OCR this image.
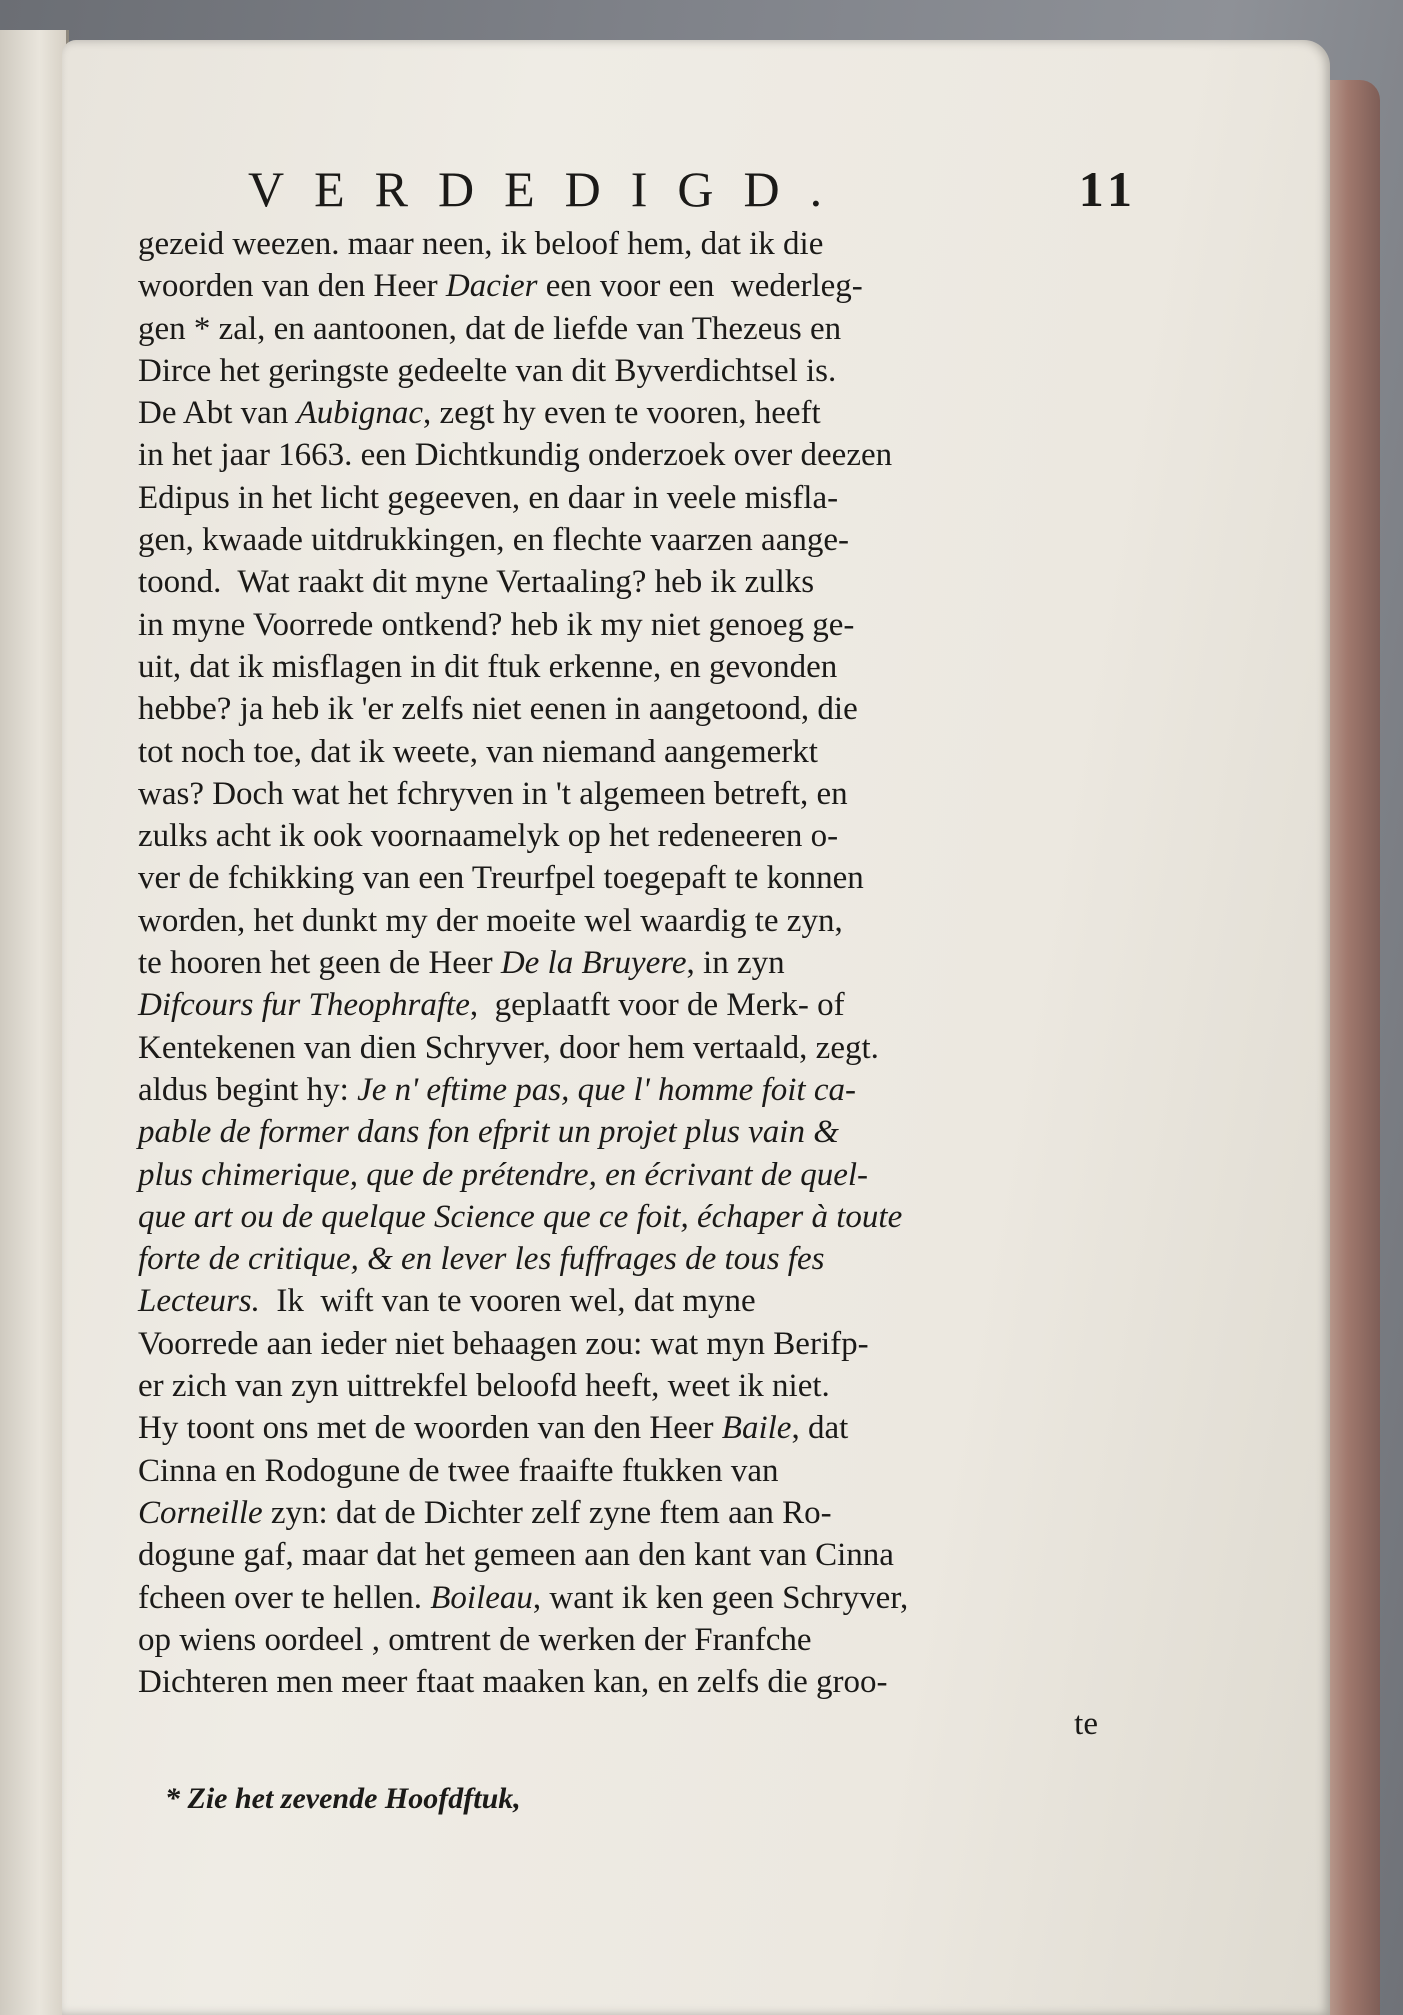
VERDEDIGD.	11
gezeid weezen. maar neen, ik beloof hem, dat ik die
woorden van den Heer Dacier een voor een  wederleg-
gen * zal, en aantoonen, dat de liefde van Thezeus en
Dirce het geringste gedeelte van dit Byverdichtsel is.
De Abt van Aubignac, zegt hy even te vooren, heeft
in het jaar 1663. een Dichtkundig onderzoek over deezen
Edipus in het licht gegeeven, en daar in veele misfla-
gen, kwaade uitdrukkingen, en flechte vaarzen aange-
toond.  Wat raakt dit myne Vertaaling? heb ik zulks
in myne Voorrede ontkend? heb ik my niet genoeg ge-
uit, dat ik misflagen in dit ftuk erkenne, en gevonden
hebbe? ja heb ik 'er zelfs niet eenen in aangetoond, die
tot noch toe, dat ik weete, van niemand aangemerkt
was? Doch wat het fchryven in 't algemeen betreft, en
zulks acht ik ook voornaamelyk op het redeneeren o-
ver de fchikking van een Treurfpel toegepaft te konnen
worden, het dunkt my der moeite wel waardig te zyn,
te hooren het geen de Heer De la Bruyere, in zyn
Difcours fur Theophrafte,  geplaatft voor de Merk- of
Kentekenen van dien Schryver, door hem vertaald, zegt.
aldus begint hy: Je n' eftime pas, que l' homme foit ca-
pable de former dans fon efprit un projet plus vain &
plus chimerique, que de prétendre, en écrivant de quel-
que art ou de quelque Science que ce foit, échaper à toute
forte de critique, & en lever les fuffrages de tous fes
Lecteurs.  Ik  wift van te vooren wel, dat myne
Voorrede aan ieder niet behaagen zou: wat myn Berifp-
er zich van zyn uittrekfel beloofd heeft, weet ik niet.
Hy toont ons met de woorden van den Heer Baile, dat
Cinna en Rodogune de twee fraaifte ftukken van
Corneille zyn: dat de Dichter zelf zyne ftem aan Ro-
dogune gaf, maar dat het gemeen aan den kant van Cinna
fcheen over te hellen. Boileau, want ik ken geen Schryver,
op wiens oordeel , omtrent de werken der Franfche
Dichteren men meer ftaat maaken kan, en zelfs die groo-
te
* Zie het zevende Hoofdftuk,
